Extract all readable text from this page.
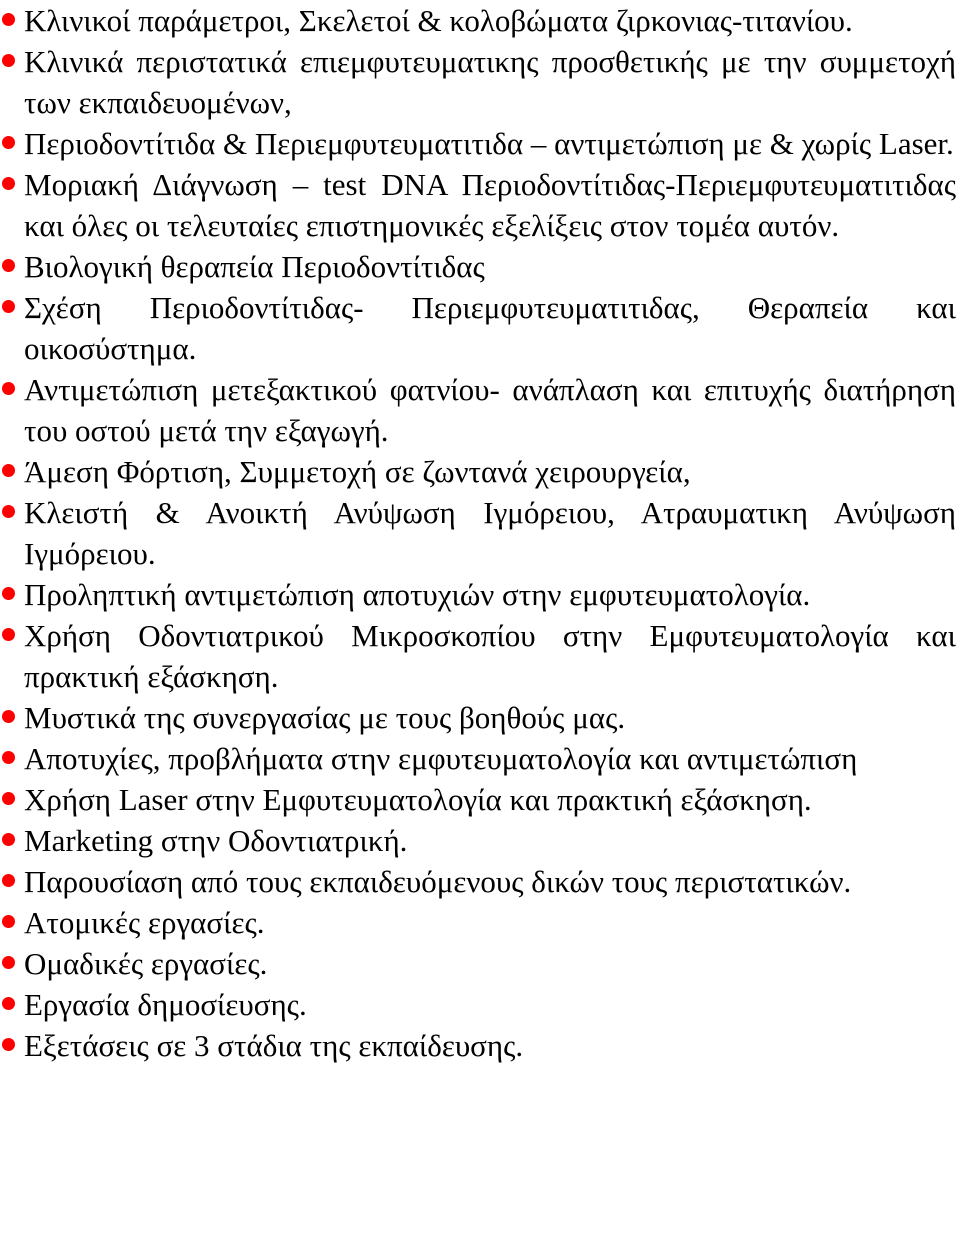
Κλινικοί παράμετροι, Σκελετοί & κολοβώματα ζιρκονιας-τιτανίου.
Κλινικά περιστατικά επιεμφυτευματικης προσθετικής με την συμμετοχή των εκπαιδευομένων,
Περιοδοντίτιδα & Περιεμφυτευματιτιδα – αντιμετώπιση με & χωρίς Laser.
Μοριακή Διάγνωση – test DNA Περιοδοντίτιδας-Περιεμφυτευματιτιδας και όλες οι τελευταίες επιστημονικές εξελίξεις στον τομέα αυτόν.
Βιολογική θεραπεία Περιοδοντίτιδας
Σχέση Περιοδοντίτιδας- Περιεμφυτευματιτιδας, Θεραπεία και οικοσύστημα.
Αντιμετώπιση μετεξακτικού φατνίου- ανάπλαση και επιτυχής διατήρηση του οστού μετά την εξαγωγή.
Άμεση Φόρτιση, Συμμετοχή σε ζωντανά χειρουργεία,
Κλειστή & Ανοικτή Ανύψωση Ιγμόρειου, Ατραυματικη Ανύψωση Ιγμόρειου.
Προληπτική αντιμετώπιση αποτυχιών στην εμφυτευματολογία.
Χρήση Οδοντιατρικού Μικροσκοπίου στην Εμφυτευματολογία και πρακτική εξάσκηση.
Μυστικά της συνεργασίας με τους βοηθούς μας.
Αποτυχίες, προβλήματα στην εμφυτευματολογία και αντιμετώπιση
Χρήση Laser στην Εμφυτευματολογία και πρακτική εξάσκηση.
Marketing στην Οδοντιατρική.
Παρουσίαση από τους εκπαιδευόμενους δικών τους περιστατικών.
Ατομικές εργασίες.
Ομαδικές εργασίες.
Εργασία δημοσίευσης.
Εξετάσεις σε 3 στάδια της εκπαίδευσης.
